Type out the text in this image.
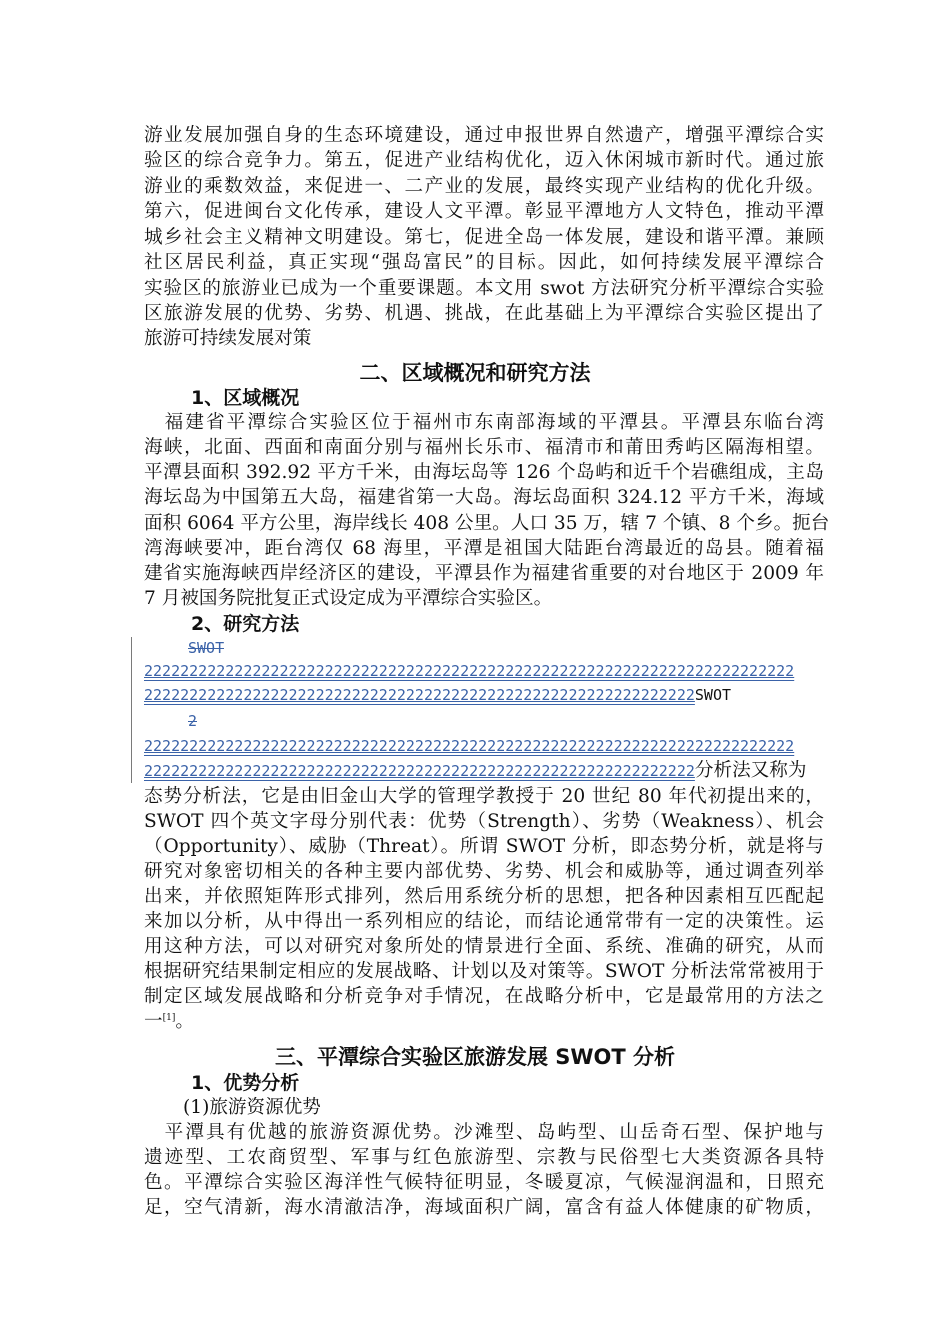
游业发展加强自身的生态环境建设，通过申报世界自然遗产，增强平潭综合实
验区的综合竞争力。第五，促进产业结构优化，迈入休闲城市新时代。通过旅
游业的乘数效益，来促进一、二产业的发展，最终实现产业结构的优化升级。
第六，促进闽台文化传承，建设人文平潭。彰显平潭地方人文特色，推动平潭
城乡社会主义精神文明建设。第七，促进全岛一体发展，建设和谐平潭。兼顾
社区居民利益，真正实现“强岛富民”的目标。因此，如何持续发展平潭综合
实验区的旅游业已成为一个重要课题。本文用 swot 方法研究分析平潭综合实验
区旅游发展的优势、劣势、机遇、挑战，在此基础上为平潭综合实验区提出了
旅游可持续发展对策
二、区域概况和研究方法
1、区域概况
　福建省平潭综合实验区位于福州市东南部海域的平潭县。平潭县东临台湾
海峡，北面、西面和南面分别与福州长乐市、福清市和莆田秀屿区隔海相望。
平潭县面积 392.92 平方千米，由海坛岛等 126 个岛屿和近千个岩礁组成，主岛
海坛岛为中国第五大岛，福建省第一大岛。海坛岛面积 324.12 平方千米，海域
面积 6064 平方公里，海岸线长 408 公里。人口 35 万，辖 7 个镇、8 个乡。扼台
湾海峡要冲，距台湾仅 68 海里，平潭是祖国大陆距台湾最近的岛县。随着福
建省实施海峡西岸经济区的建设，平潭县作为福建省重要的对台地区于 2009 年
7 月被国务院批复正式设定成为平潭综合实验区。
2、研究方法
SWOT
222222222222222222222222222222222222222222222222222222222222222222222222
2222222222222222222222222222222222222222222222222222222222222SWOT
2
222222222222222222222222222222222222222222222222222222222222222222222222
2222222222222222222222222222222222222222222222222222222222222分析法又称为
态势分析法，它是由旧金山大学的管理学教授于 20 世纪 80 年代初提出来的，
SWOT 四个英文字母分别代表：优势（Strength）、劣势（Weakness）、机会
（Opportunity）、威胁（Threat）。所谓 SWOT 分析，即态势分析，就是将与
研究对象密切相关的各种主要内部优势、劣势、机会和威胁等，通过调查列举
出来，并依照矩阵形式排列，然后用系统分析的思想，把各种因素相互匹配起
来加以分析，从中得出一系列相应的结论，而结论通常带有一定的决策性。运
用这种方法，可以对研究对象所处的情景进行全面、系统、准确的研究，从而
根据研究结果制定相应的发展战略、计划以及对策等。SWOT 分析法常常被用于
制定区域发展战略和分析竞争对手情况，在战略分析中，它是最常用的方法之
一[1]。
三、平潭综合实验区旅游发展 SWOT 分析
1、优势分析
(1)旅游资源优势
　平潭具有优越的旅游资源优势。沙滩型、岛屿型、山岳奇石型、保护地与
遗迹型、工农商贸型、军事与红色旅游型、宗教与民俗型七大类资源各具特
色。平潭综合实验区海洋性气候特征明显，冬暖夏凉，气候湿润温和，日照充
足，空气清新，海水清澈洁净，海域面积广阔，富含有益人体健康的矿物质，
